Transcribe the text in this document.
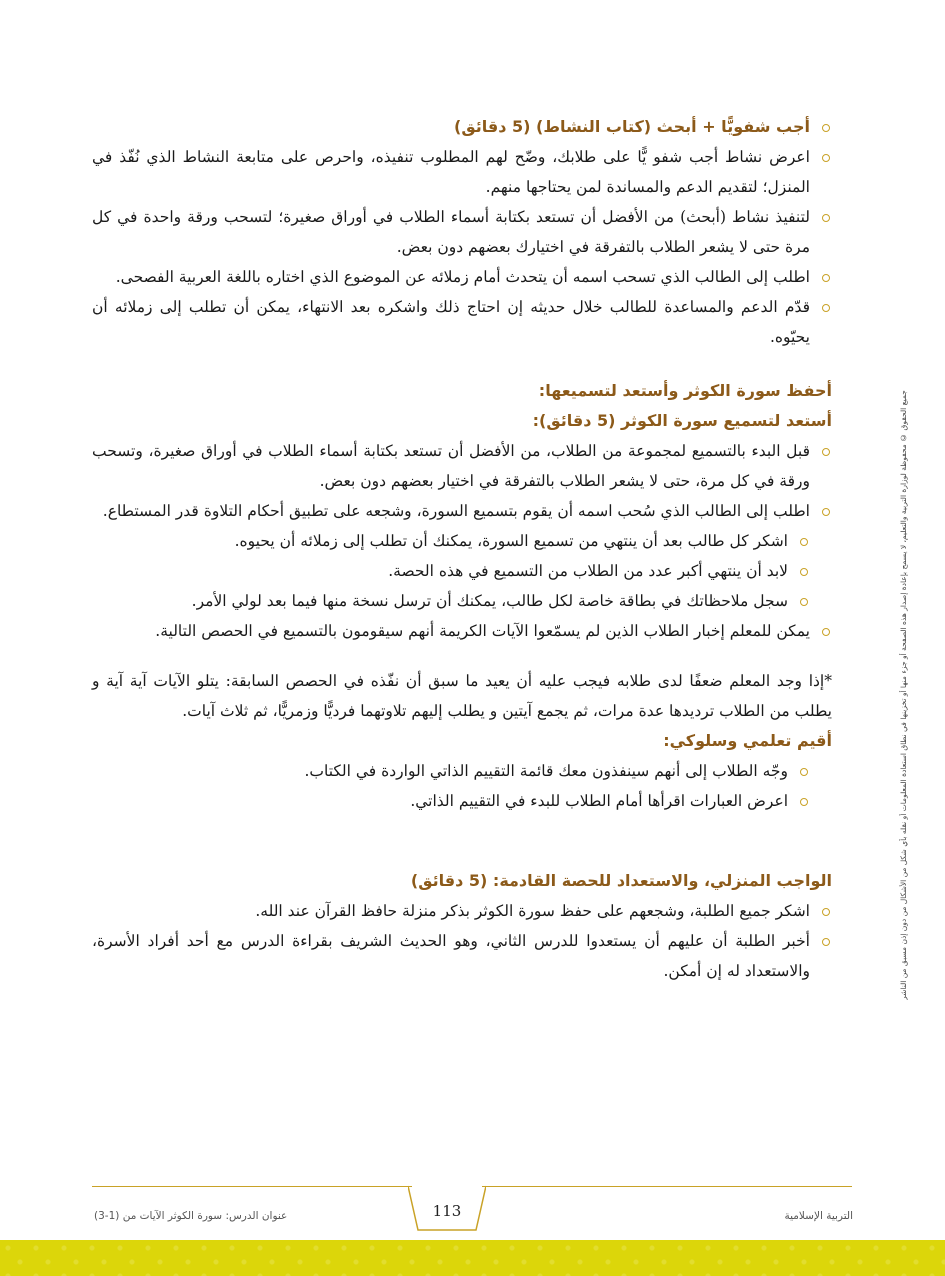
أجب شفويًّا + أبحث (كتاب النشاط) (5 دقائق)
اعرض نشاط أجب شفو يًّا على طلابك، وضّح لهم المطلوب تنفيذه، واحرص على متابعة النشاط الذي نُفّذ في المنزل؛ لتقديم الدعم والمساندة لمن يحتاجها منهم.
لتنفيذ نشاط (أبحث) من الأفضل أن تستعد بكتابة أسماء الطلاب في أوراق صغيرة؛ لتسحب ورقة واحدة في كل مرة حتى لا يشعر الطلاب بالتفرقة في اختيارك بعضهم دون بعض.
اطلب إلى الطالب الذي تسحب اسمه أن يتحدث أمام زملائه عن الموضوع الذي اختاره باللغة العربية الفصحى.
قدّم الدعم والمساعدة للطالب خلال حديثه إن احتاج ذلك واشكره بعد الانتهاء، يمكن أن تطلب إلى زملائه أن يحيّوه.
أحفظ سورة الكوثر وأستعد لتسميعها:
أستعد لتسميع سورة الكوثر (5 دقائق):
قبل البدء بالتسميع لمجموعة من الطلاب، من الأفضل أن تستعد بكتابة أسماء الطلاب في أوراق صغيرة، وتسحب ورقة في كل مرة، حتى لا يشعر الطلاب بالتفرقة في اختيار بعضهم دون بعض.
اطلب إلى الطالب الذي سُحب اسمه أن يقوم بتسميع السورة، وشجعه على تطبيق أحكام التلاوة قدر المستطاع.
اشكر كل طالب بعد أن ينتهي من تسميع السورة، يمكنك أن تطلب إلى زملائه أن يحيوه.
لابد أن ينتهي أكبر عدد من الطلاب من التسميع في هذه الحصة.
سجل ملاحظاتك في بطاقة خاصة لكل طالب، يمكنك أن ترسل نسخة منها فيما بعد لولي الأمر.
يمكن للمعلم إخبار الطلاب الذين لم يسمّعوا الآيات الكريمة أنهم سيقومون بالتسميع في الحصص التالية.

*إذا وجد المعلم ضعفًا لدى طلابه فيجب عليه أن يعيد ما سبق أن نفّذه في الحصص السابقة: يتلو الآيات آية آية و يطلب من الطلاب ترديدها عدة مرات، ثم يجمع آيتين و يطلب إليهم تلاوتهما فرديًّا وزمريًّا، ثم ثلاث آيات.

أقيم تعلمي وسلوكي:
وجّه الطلاب إلى أنهم سينفذون معك قائمة التقييم الذاتي الواردة في الكتاب.
اعرض العبارات اقرأها أمام الطلاب للبدء في التقييم الذاتي.
الواجب المنزلي، والاستعداد للحصة القادمة: (5 دقائق)
اشكر جميع الطلبة، وشجعهم على حفظ سورة الكوثر بذكر منزلة حافظ القرآن عند الله.
أخبر الطلبة أن عليهم أن يستعدوا للدرس الثاني، وهو الحديث الشريف بقراءة الدرس مع أحد أفراد الأسرة، والاستعداد له إن أمكن.	جميع الحقوق © محفوظة لوزارة التربية والتعليم، لا يسمح بإعادة إصدار هذه الصفحة أو جزء منها أو تخزينها في نطاق استعادة المعلومات أو نقله بأي شكل من الأشكال من دون إذن مسبق من الناشر
113
عنوان الدرس: سورة الكوثر الآيات من (1-3)	التربية الإسلامية
